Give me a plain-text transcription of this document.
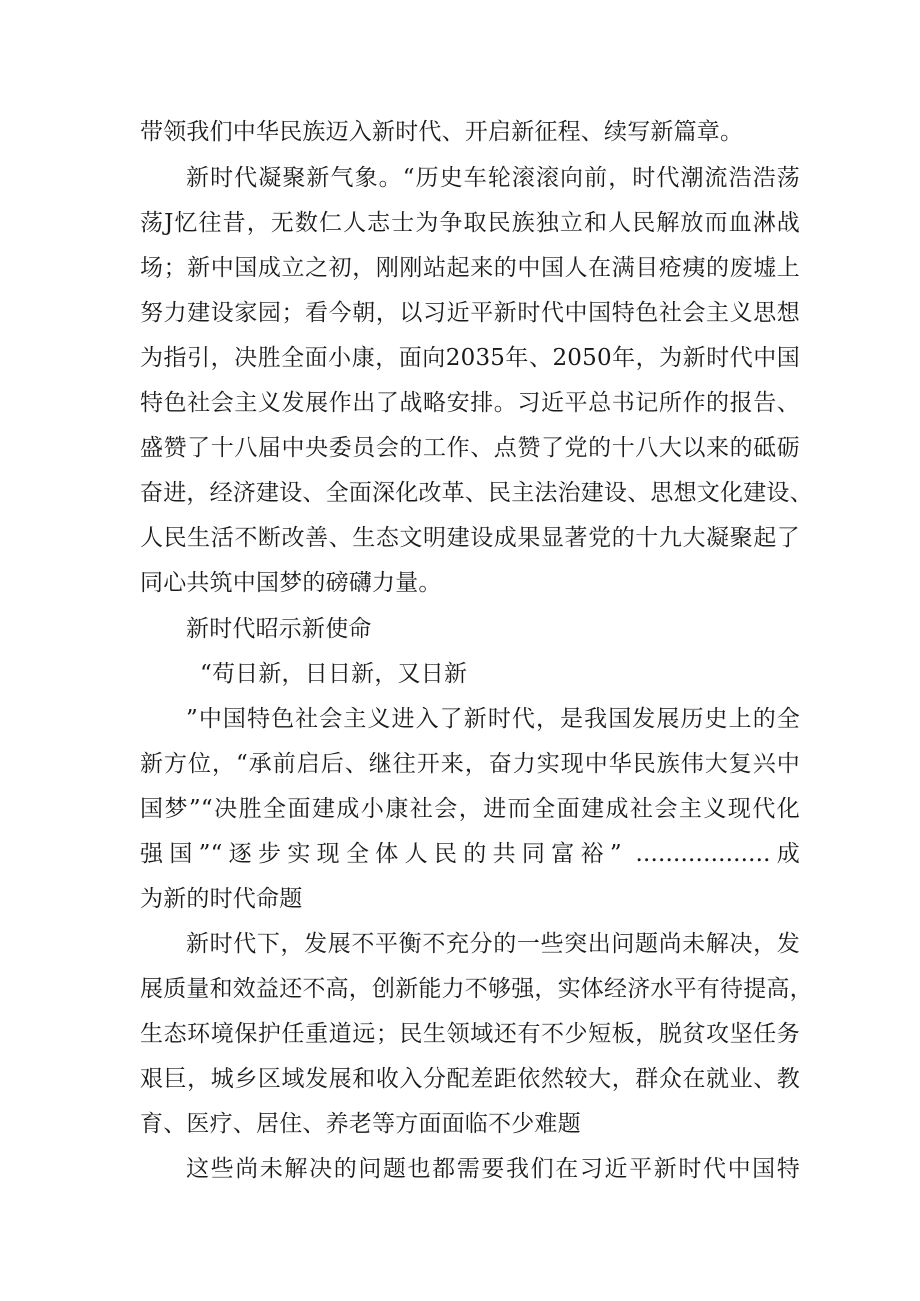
带领我们中华民族迈入新时代、开启新征程、续写新篇章。
新时代凝聚新气象。“历史车轮滚滚向前，时代潮流浩浩荡
荡J忆往昔，无数仁人志士为争取民族独立和人民解放而血淋战
场；新中国成立之初，刚刚站起来的中国人在满目疮痍的废墟上
努力建设家园；看今朝，以习近平新时代中国特色社会主义思想
为指引，决胜全面小康，面向2035年、2050年，为新时代中国
特色社会主义发展作出了战略安排。习近平总书记所作的报告、
盛赞了十八届中央委员会的工作、点赞了党的十八大以来的砥砺
奋进，经济建设、全面深化改革、民主法治建设、思想文化建设、
人民生活不断改善、生态文明建设成果显著党的十九大凝聚起了
同心共筑中国梦的磅礴力量。
新时代昭示新使命
“苟日新，日日新，又日新
”中国特色社会主义进入了新时代，是我国发展历史上的全
新方位，“承前启后、继往开来，奋力实现中华民族伟大复兴中
国梦”“决胜全面建成小康社会，进而全面建成社会主义现代化
强国”“逐步实现全体人民的共同富裕” ..................成
为新的时代命题
新时代下，发展不平衡不充分的一些突出问题尚未解决，发
展质量和效益还不高，创新能力不够强，实体经济水平有待提高，
生态环境保护任重道远；民生领域还有不少短板，脱贫攻坚任务
艰巨，城乡区域发展和收入分配差距依然较大，群众在就业、教
育、医疗、居住、养老等方面面临不少难题
这些尚未解决的问题也都需要我们在习近平新时代中国特
